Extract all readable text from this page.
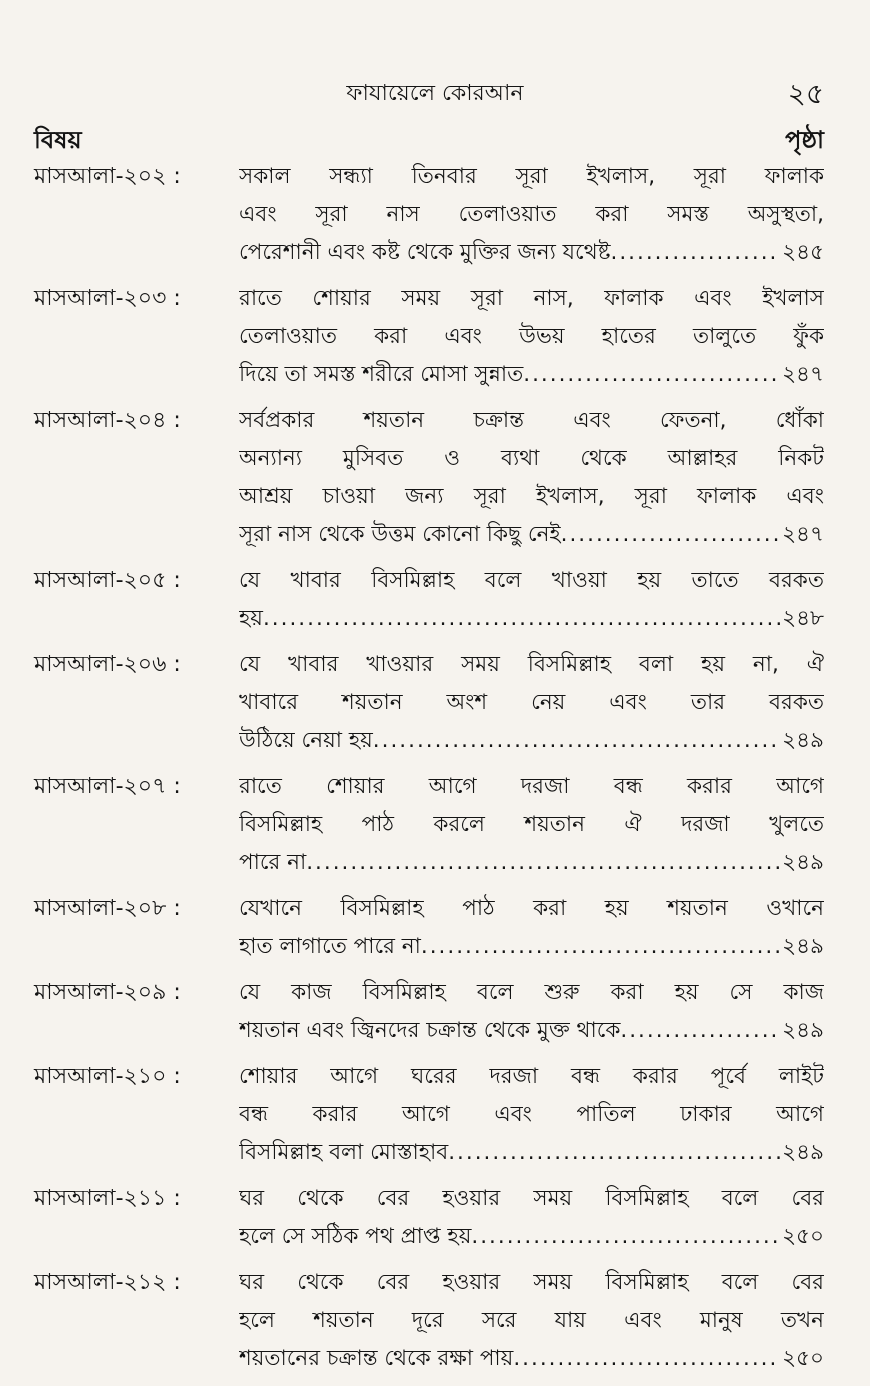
ফাযায়েলে কোরআন	২৫
বিষয়	পৃষ্ঠা
মাসআলা-২০২ :	সকাল সন্ধ্যা তিনবার সূরা ইখলাস, সূরা ফালাক
এবং সূরা নাস তেলাওয়াত করা সমস্ত অসুস্থতা,
পেরেশানী এবং কষ্ট থেকে মুক্তির জন্য যথেষ্ট .....	২৪৫
মাসআলা-২০৩ :	রাতে শোয়ার সময় সূরা নাস, ফালাক এবং ইখলাস
তেলাওয়াত করা এবং উভয় হাতের তালুতে ফুঁক
দিয়ে তা সমস্ত শরীরে মোসা সুন্নাত .....	২৪৭
মাসআলা-২০৪ :	সর্বপ্রকার শয়তান চক্রান্ত এবং ফেতনা, ধোঁকা
অন্যান্য মুসিবত ও ব্যথা থেকে আল্লাহর নিকট
আশ্রয় চাওয়া জন্য সূরা ইখলাস, সূরা ফালাক এবং
সূরা নাস থেকে উত্তম কোনো কিছু নেই .....	২৪৭
মাসআলা-২০৫ :	যে খাবার বিসমিল্লাহ বলে খাওয়া হয় তাতে বরকত
হয় .....	২৪৮
মাসআলা-২০৬ :	যে খাবার খাওয়ার সময় বিসমিল্লাহ বলা হয় না, ঐ
খাবারে শয়তান অংশ নেয় এবং তার বরকত
উঠিয়ে নেয়া হয় .....	২৪৯
মাসআলা-২০৭ :	রাতে শোয়ার আগে দরজা বন্ধ করার আগে
বিসমিল্লাহ পাঠ করলে শয়তান ঐ দরজা খুলতে
পারে না .....	২৪৯
মাসআলা-২০৮ :	যেখানে বিসমিল্লাহ পাঠ করা হয় শয়তান ওখানে
হাত লাগাতে পারে না .....	২৪৯
মাসআলা-২০৯ :	যে কাজ বিসমিল্লাহ বলে শুরু করা হয় সে কাজ
শয়তান এবং জ্বিনদের চক্রান্ত থেকে মুক্ত থাকে .....	২৪৯
মাসআলা-২১০ :	শোয়ার আগে ঘরের দরজা বন্ধ করার পূর্বে লাইট
বন্ধ করার আগে এবং পাতিল ঢাকার আগে
বিসমিল্লাহ বলা মোস্তাহাব .....	২৪৯
মাসআলা-২১১ :	ঘর থেকে বের হওয়ার সময় বিসমিল্লাহ বলে বের
হলে সে সঠিক পথ প্রাপ্ত হয় .....	২৫০
মাসআলা-২১২ :	ঘর থেকে বের হওয়ার সময় বিসমিল্লাহ বলে বের
হলে শয়তান দূরে সরে যায় এবং মানুষ তখন
শয়তানের চক্রান্ত থেকে রক্ষা পায় .....	২৫০
